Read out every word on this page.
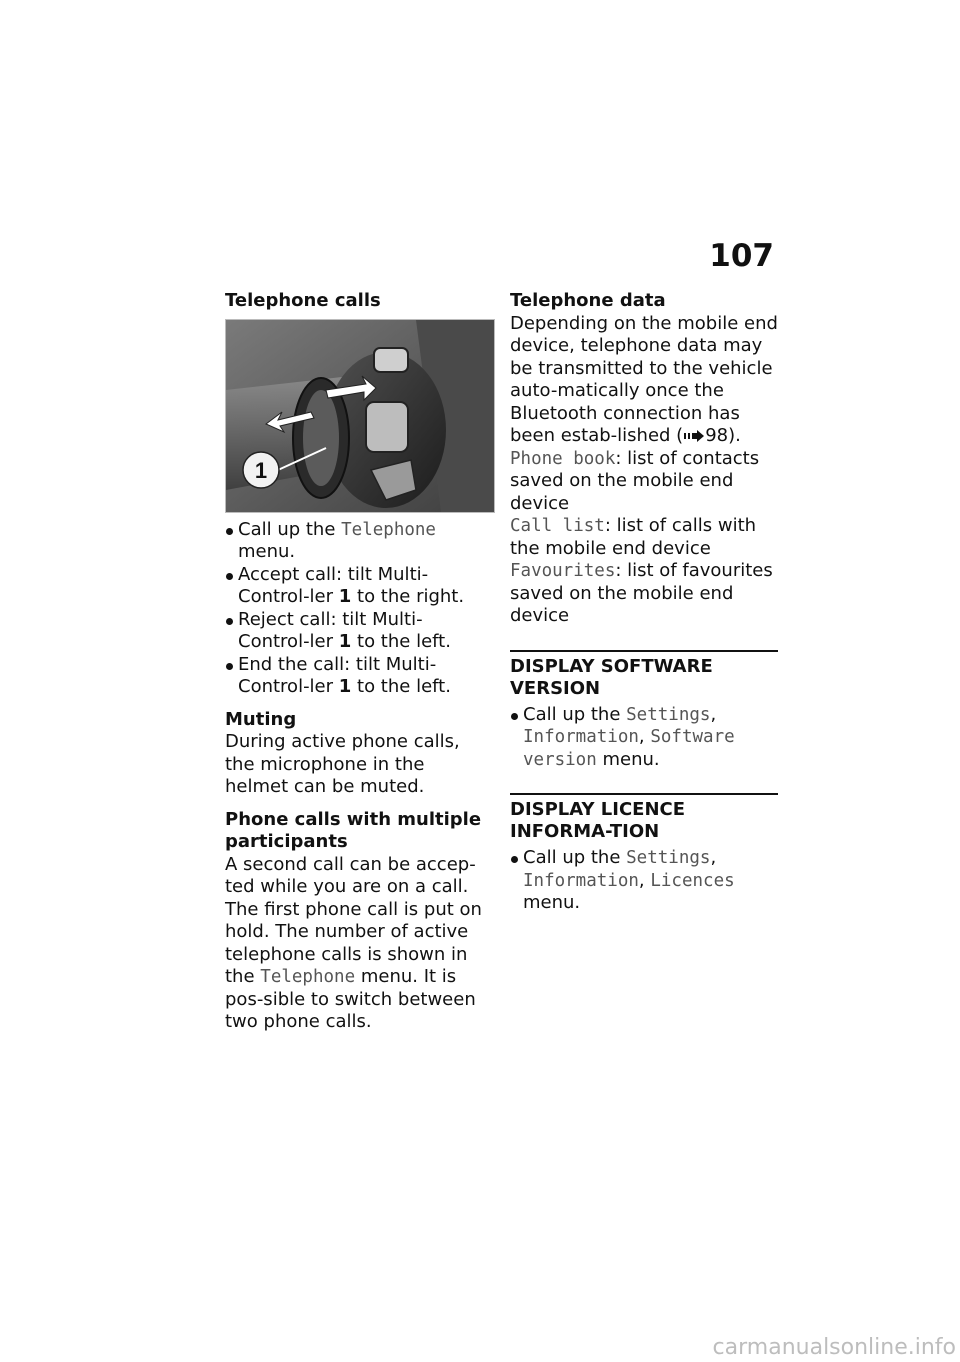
107

Telephone calls

1
Call up the Telephone
menu.
Accept call: tilt Multi-Control-ler 1 to the right.
Reject call: tilt Multi-Control-ler 1 to the left.
End the call: tilt Multi-Control-ler 1 to the left.

Muting

During active phone calls, the microphone in the helmet can be muted.

Phone calls with multiple participants

A second call can be accep-ted while you are on a call. The first phone call is put on hold. The number of active telephone calls is shown in the Telephone menu. It is pos-sible to switch between two phone calls.

Telephone data

Depending on the mobile end device, telephone data may be transmitted to the vehicle auto-matically once the Bluetooth connection has been estab-lished ( 98).

Phone book: list of contacts saved on the mobile end device

Call list: list of calls with the mobile end device

Favourites: list of favourites saved on the mobile end device

DISPLAY SOFTWARE VERSION

Call up the Settings, Information, Software version menu.

DISPLAY LICENCE INFORMA-TION

Call up the Settings, Information, Licences menu.
carmanualsonline.info
